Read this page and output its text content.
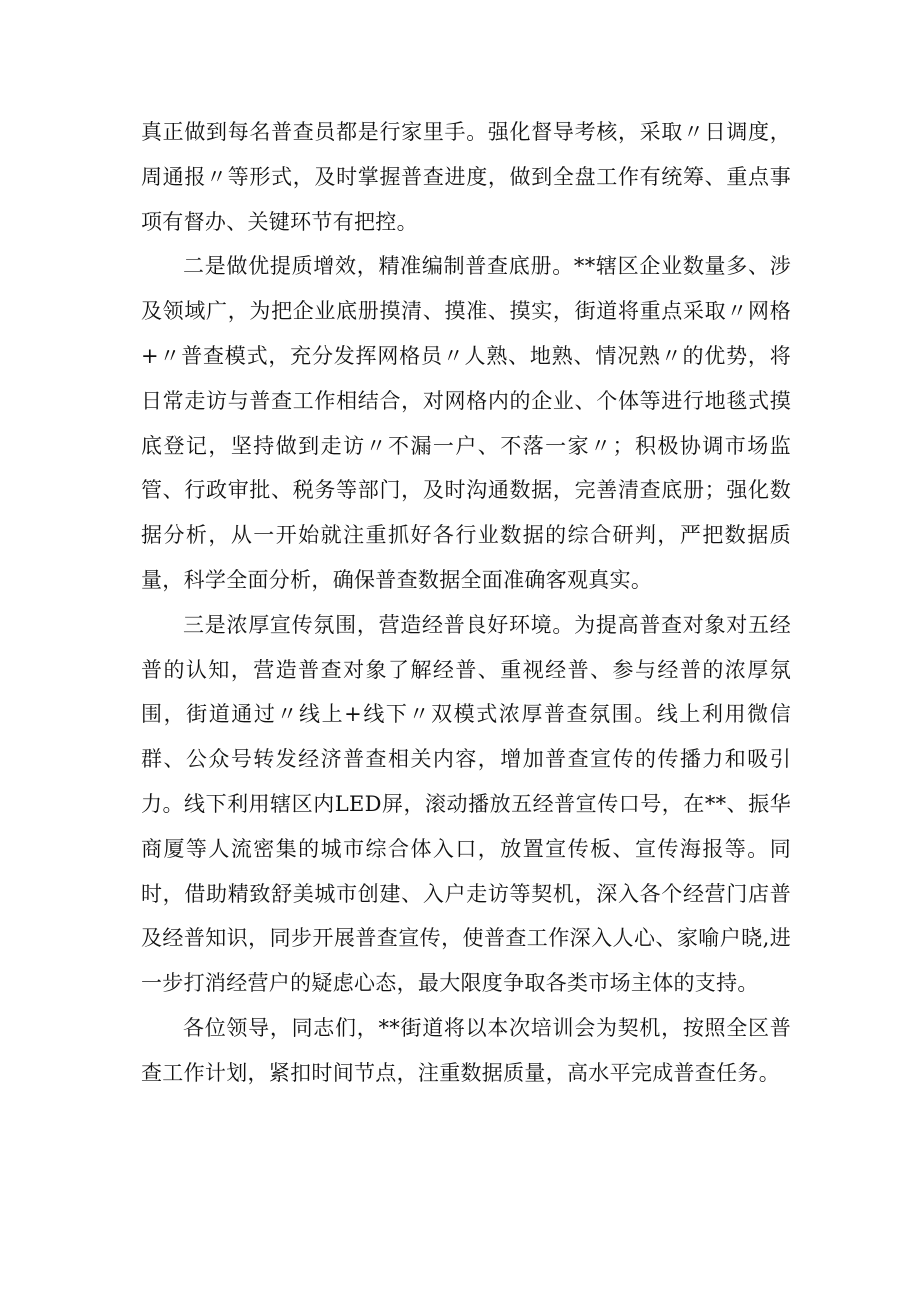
真正做到每名普查员都是行家里手。强化督导考核，采取〃日调度，周通报〃等形式，及时掌握普查进度，做到全盘工作有统筹、重点事项有督办、关键环节有把控。

二是做优提质增效，精准编制普查底册。**辖区企业数量多、涉及领域广，为把企业底册摸清、摸准、摸实，街道将重点采取〃网格+〃普查模式，充分发挥网格员〃人熟、地熟、情况熟〃的优势，将日常走访与普查工作相结合，对网格内的企业、个体等进行地毯式摸底登记，坚持做到走访〃不漏一户、不落一家〃；积极协调市场监管、行政审批、税务等部门，及时沟通数据，完善清查底册；强化数据分析，从一开始就注重抓好各行业数据的综合研判，严把数据质量，科学全面分析，确保普查数据全面准确客观真实。

三是浓厚宣传氛围，营造经普良好环境。为提高普查对象对五经普的认知，营造普查对象了解经普、重视经普、参与经普的浓厚氛围，街道通过〃线上+线下〃双模式浓厚普查氛围。线上利用微信群、公众号转发经济普查相关内容，增加普查宣传的传播力和吸引力。线下利用辖区内LED屏，滚动播放五经普宣传口号，在**、振华商厦等人流密集的城市综合体入口，放置宣传板、宣传海报等。同时，借助精致舒美城市创建、入户走访等契机，深入各个经营门店普及经普知识，同步开展普查宣传，使普查工作深入人心、家喻户晓,进一步打消经营户的疑虑心态，最大限度争取各类市场主体的支持。

各位领导，同志们，**街道将以本次培训会为契机，按照全区普查工作计划，紧扣时间节点，注重数据质量，高水平完成普查任务。
